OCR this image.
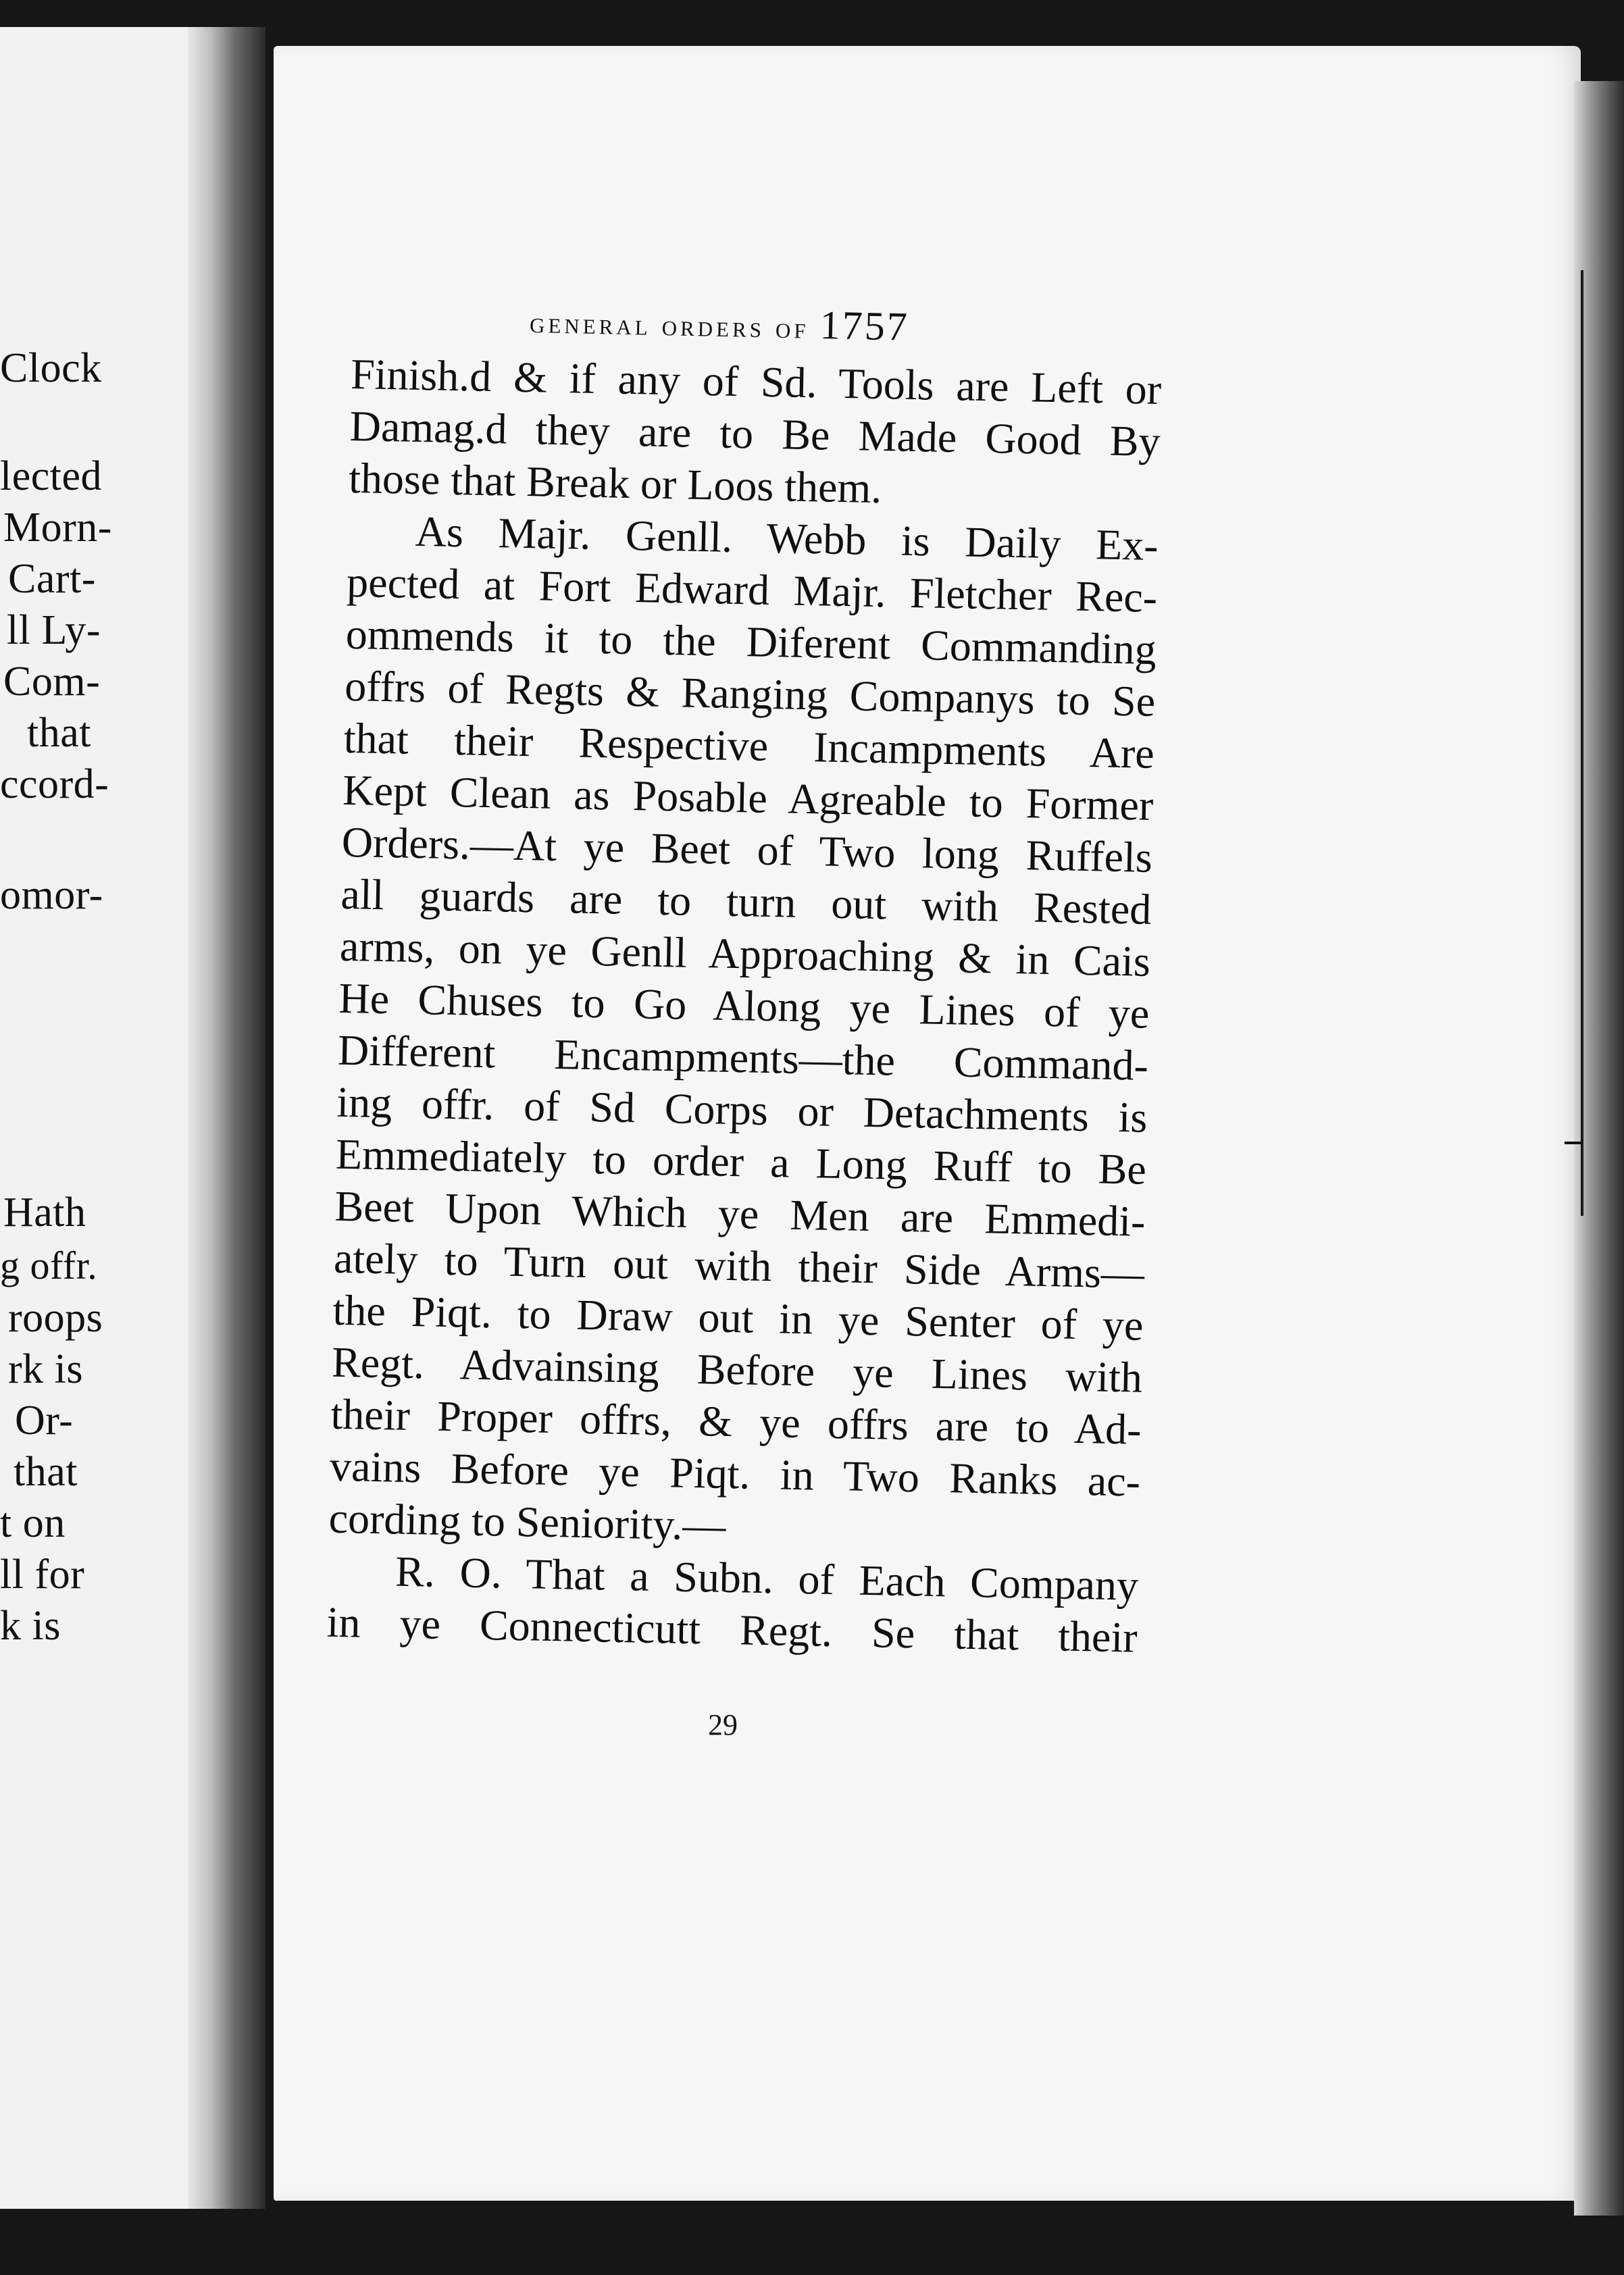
Clock
lected
Morn-
Cart-
ll Ly-
Com-
that
ccord-
omor-
Hath
g offr.
roops
rk is
Or-
that
t on
ll for
k is
general orders of 1757
Finish.d & if any of Sd. Tools are Left or
Damag.d they are to Be Made Good By
those that Break or Loos them.
As Majr. Genll. Webb is Daily Ex-
pected at Fort Edward Majr. Fletcher Rec-
ommends it to the Diferent Commanding
offrs of Regts & Ranging Companys to Se
that their Respective Incampments Are
Kept Clean as Posable Agreable to Former
Orders.—At ye Beet of Two long Ruffels
all guards are to turn out with Rested
arms, on ye Genll Approaching & in Cais
He Chuses to Go Along ye Lines of ye
Different Encampments—the Command-
ing offr. of Sd Corps or Detachments is
Emmediately to order a Long Ruff to Be
Beet Upon Which ye Men are Emmedi-
ately to Turn out with their Side Arms—
the Piqt. to Draw out in ye Senter of ye
Regt. Advainsing Before ye Lines with
their Proper offrs, & ye offrs are to Ad-
vains Before ye Piqt. in Two Ranks ac-
cording to Seniority.—
R. O. That a Subn. of Each Company
in ye Connecticutt Regt. Se that their
29
